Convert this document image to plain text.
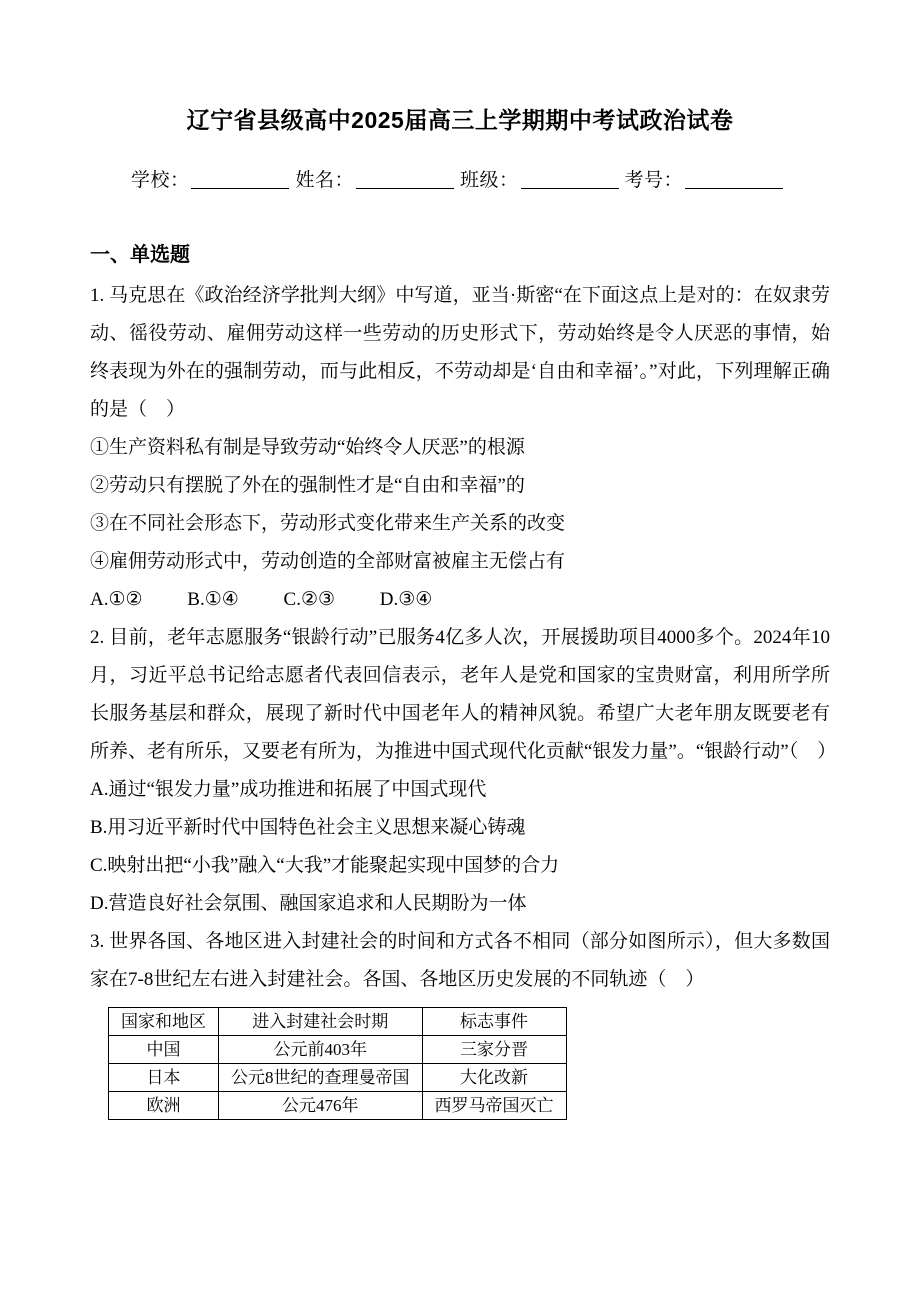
辽宁省县级高中2025届高三上学期期中考试政治试卷
学校：	姓名：	班级：	考号：
一、单选题

1. 马克思在《政治经济学批判大纲》中写道，亚当·斯密“在下面这点上是对的：在奴隶劳动、徭役劳动、雇佣劳动这样一些劳动的历史形式下，劳动始终是令人厌恶的事情，始终表现为外在的强制劳动，而与此相反，不劳动却是‘自由和幸福’。”对此，下列理解正确的是（　）

①生产资料私有制是导致劳动“始终令人厌恶”的根源
②劳动只有摆脱了外在的强制性才是“自由和幸福”的
③在不同社会形态下，劳动形式变化带来生产关系的改变
④雇佣劳动形式中，劳动创造的全部财富被雇主无偿占有
A.①② B.①④ C.②③ D.③④

2. 目前，老年志愿服务“银龄行动”已服务4亿多人次，开展援助项目4000多个。2024年10月，习近平总书记给志愿者代表回信表示，老年人是党和国家的宝贵财富，利用所学所长服务基层和群众，展现了新时代中国老年人的精神风貌。希望广大老年朋友既要老有所养、老有所乐，又要老有所为，为推进中国式现代化贡献“银发力量”。“银龄行动”（　）

A.通过“银发力量”成功推进和拓展了中国式现代
B.用习近平新时代中国特色社会主义思想来凝心铸魂
C.映射出把“小我”融入“大我”才能聚起实现中国梦的合力
D.营造良好社会氛围、融国家追求和人民期盼为一体

3. 世界各国、各地区进入封建社会的时间和方式各不相同（部分如图所示），但大多数国家在7-8世纪左右进入封建社会。各国、各地区历史发展的不同轨迹（　）

国家和地区	进入封建社会时期	标志事件
中国	公元前403年	三家分晋
日本	公元8世纪的查理曼帝国	大化改新
欧洲	公元476年	西罗马帝国灭亡
